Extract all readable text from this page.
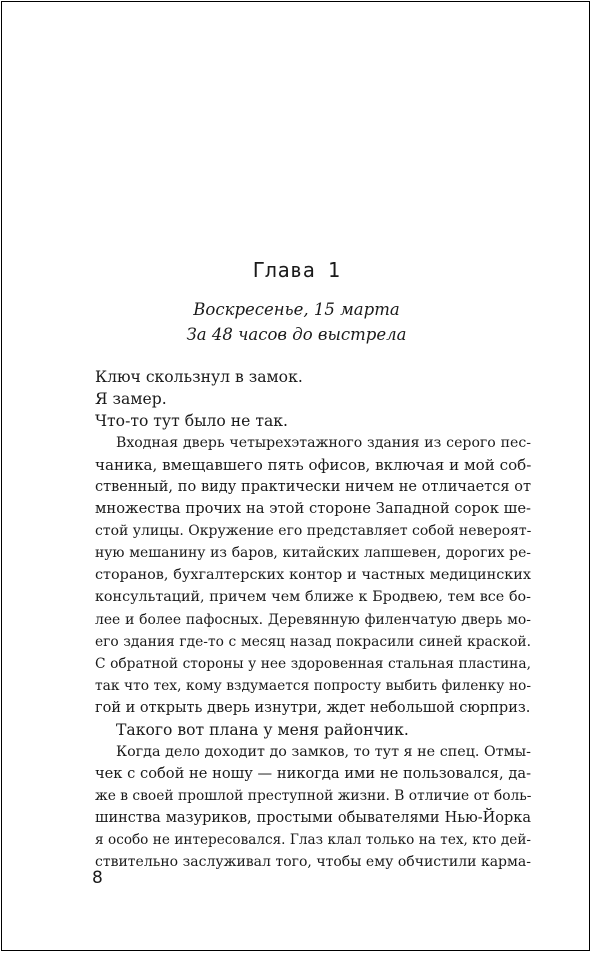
Глава 1
Воскресенье, 15 марта
За 48 часов до выстрела
Ключ скользнул в замок.
Я замер.
Что-то тут было не так.
Входная дверь четырехэтажного здания из серого пес-
чаника, вмещавшего пять офисов, включая и мой соб-
ственный, по виду практически ничем не отличается от
множества прочих на этой стороне Западной сорок ше-
стой улицы. Окружение его представляет собой невероят-
ную мешанину из баров, китайских лапшевен, дорогих ре-
сторанов, бухгалтерских контор и частных медицинских
консультаций, причем чем ближе к Бродвею, тем все бо-
лее и более пафосных. Деревянную филенчатую дверь мо-
его здания где-то с месяц назад покрасили синей краской.
С обратной стороны у нее здоровенная стальная пластина,
так что тех, кому вздумается попросту выбить филенку но-
гой и открыть дверь изнутри, ждет небольшой сюрприз.
Такого вот плана у меня райончик.
Когда дело доходит до замков, то тут я не спец. Отмы-
чек с собой не ношу — никогда ими не пользовался, да-
же в своей прошлой преступной жизни. В отличие от боль-
шинства мазуриков, простыми обывателями Нью-Йорка
я особо не интересовался. Глаз клал только на тех, кто дей-
ствительно заслуживал того, чтобы ему обчистили карма-
8
